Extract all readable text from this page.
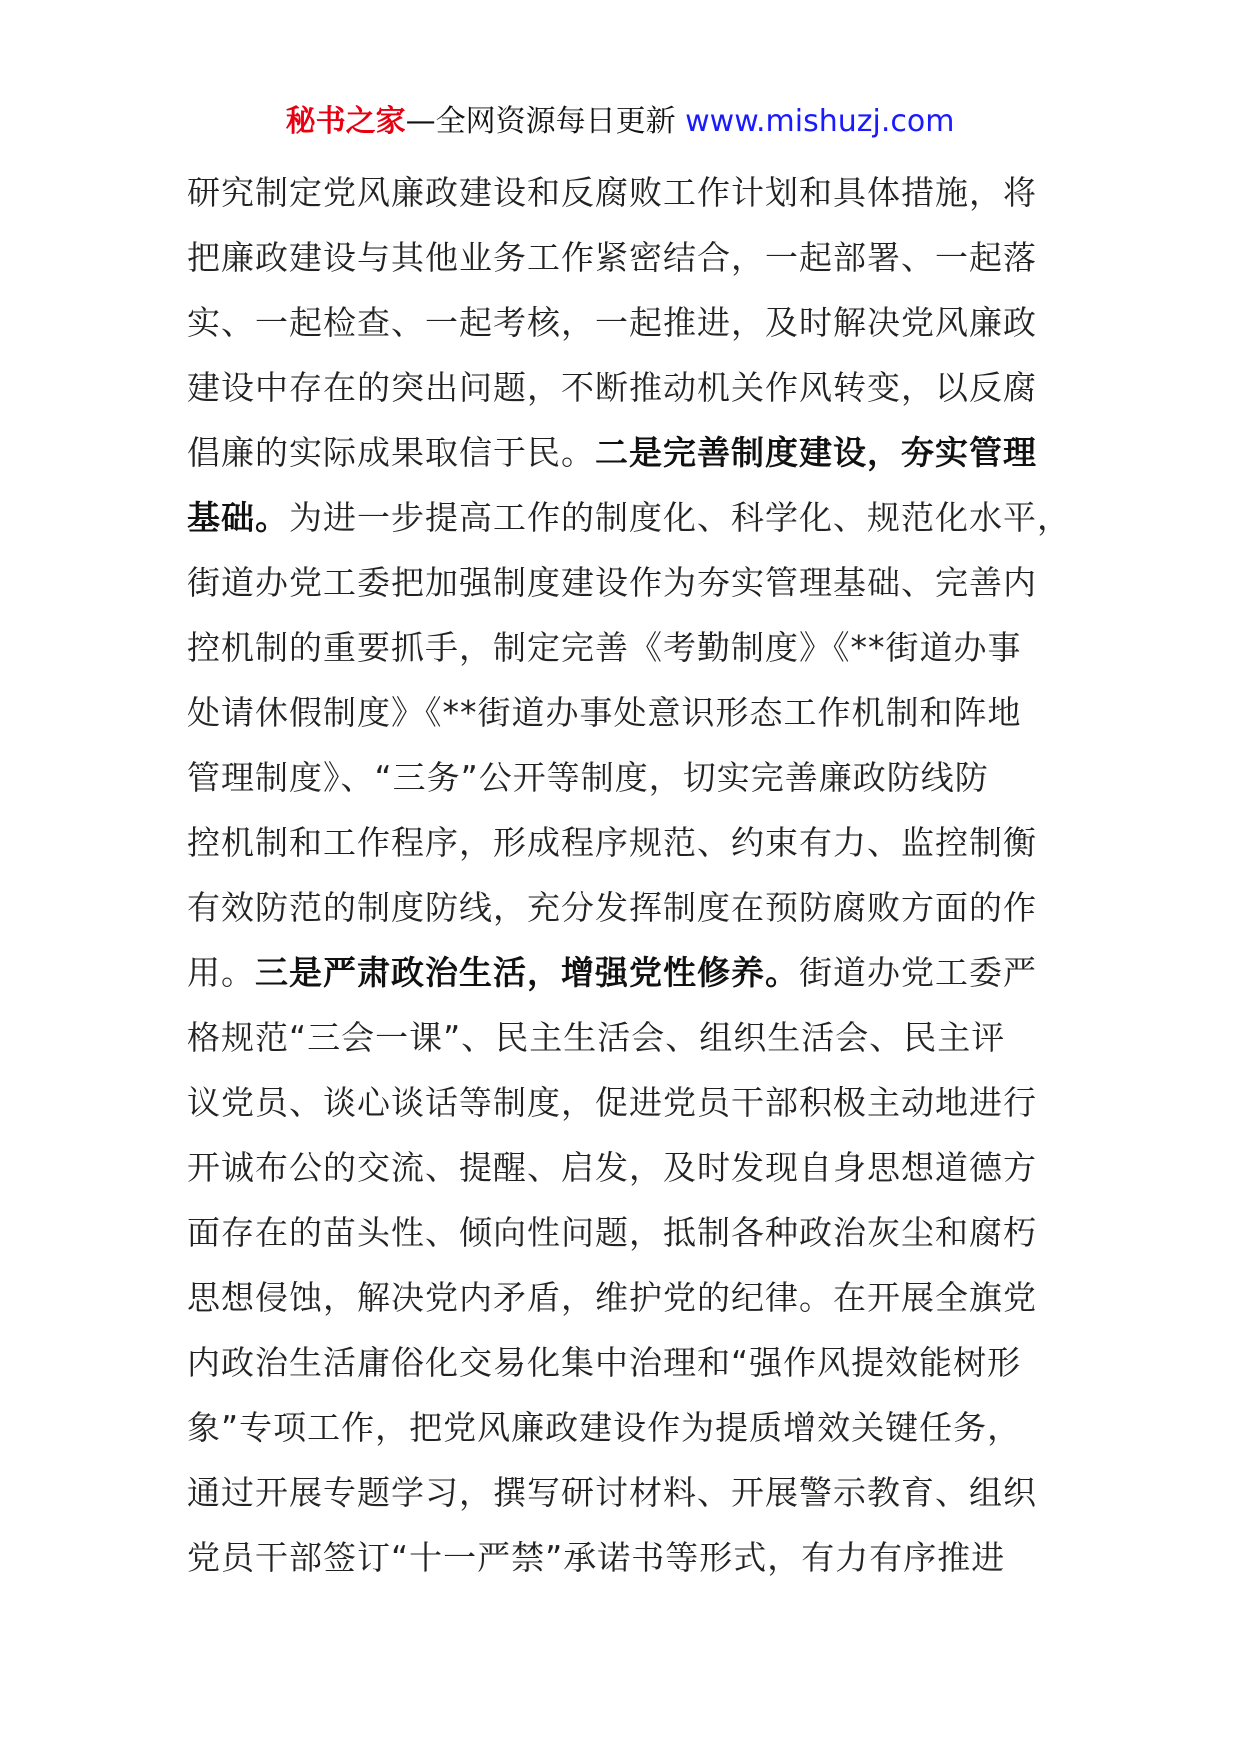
秘书之家—全网资源每日更新 www.mishuzj.com
研究制定党风廉政建设和反腐败工作计划和具体措施，将
把廉政建设与其他业务工作紧密结合，一起部署、一起落
实、一起检查、一起考核，一起推进，及时解决党风廉政
建设中存在的突出问题，不断推动机关作风转变，以反腐
倡廉的实际成果取信于民。二是完善制度建设，夯实管理
基础。为进一步提高工作的制度化、科学化、规范化水平，
街道办党工委把加强制度建设作为夯实管理基础、完善内
控机制的重要抓手，制定完善《考勤制度》《**街道办事
处请休假制度》《**街道办事处意识形态工作机制和阵地
管理制度》、“三务”公开等制度，切实完善廉政防线防
控机制和工作程序，形成程序规范、约束有力、监控制衡
有效防范的制度防线，充分发挥制度在预防腐败方面的作
用。三是严肃政治生活，增强党性修养。街道办党工委严
格规范“三会一课”、民主生活会、组织生活会、民主评
议党员、谈心谈话等制度，促进党员干部积极主动地进行
开诚布公的交流、提醒、启发，及时发现自身思想道德方
面存在的苗头性、倾向性问题，抵制各种政治灰尘和腐朽
思想侵蚀，解决党内矛盾，维护党的纪律。在开展全旗党
内政治生活庸俗化交易化集中治理和“强作风提效能树形
象”专项工作，把党风廉政建设作为提质增效关键任务，
通过开展专题学习，撰写研讨材料、开展警示教育、组织
党员干部签订“十一严禁”承诺书等形式，有力有序推进
